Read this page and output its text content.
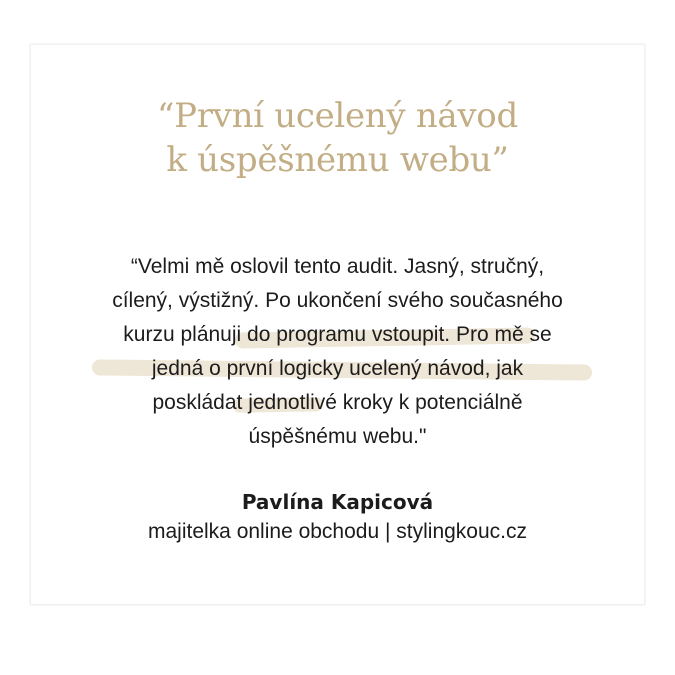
“První ucelený návod
k úspěšnému webu”
“Velmi mě oslovil tento audit. Jasný, stručný,
cílený, výstižný. Po ukončení svého současného
kurzu plánuji do programu vstoupit. Pro mě se
jedná o první logicky ucelený návod, jak
poskládat jednotlivé kroky k potenciálně
úspěšnému webu."
Pavlína Kapicová
majitelka online obchodu | stylingkouc.cz
